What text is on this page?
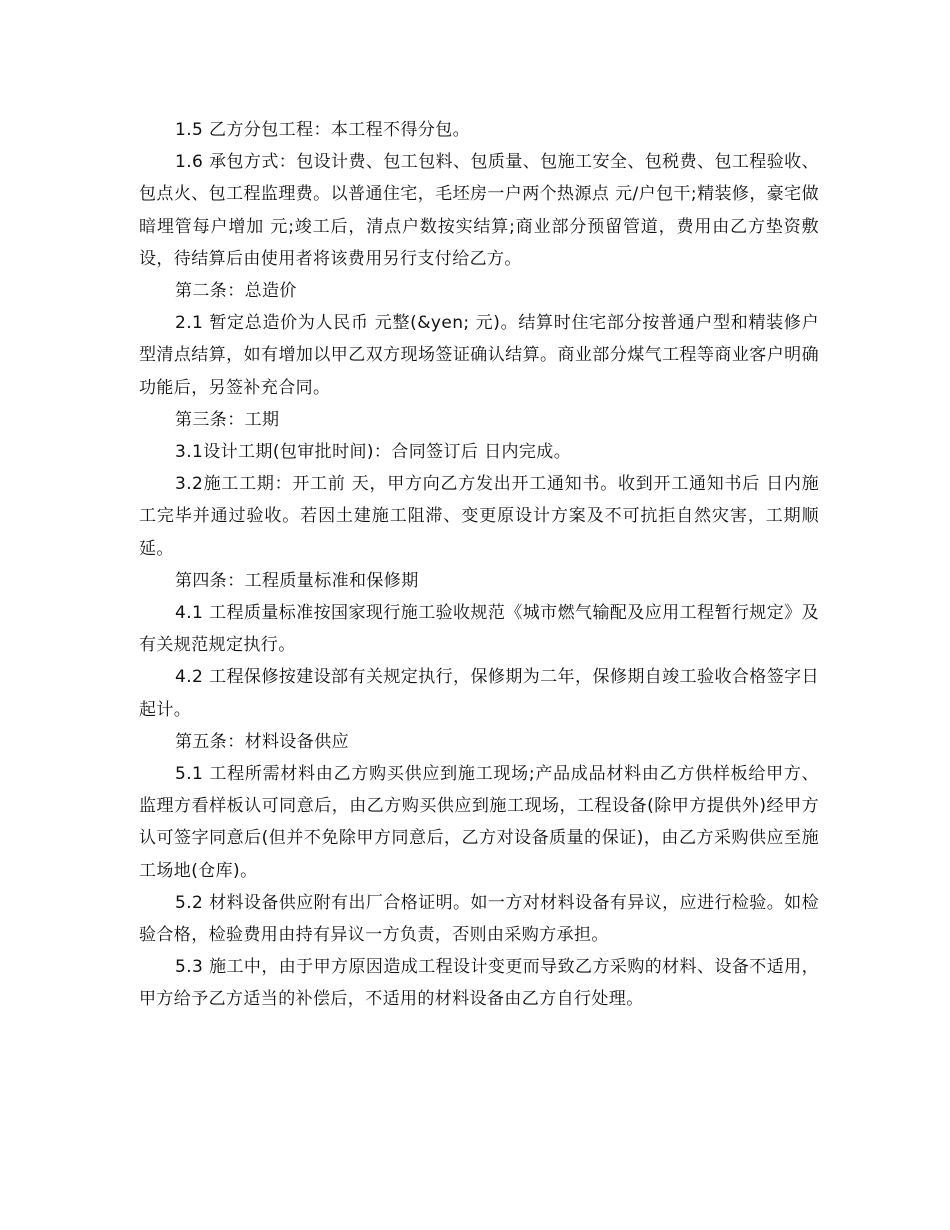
1.5 乙方分包工程：本工程不得分包。

1.6 承包方式：包设计费、包工包料、包质量、包施工安全、包税费、包工程验收、包点火、包工程监理费。以普通住宅，毛坯房一户两个热源点 元/户包干;精装修，豪宅做暗埋管每户增加 元;竣工后，清点户数按实结算;商业部分预留管道，费用由乙方垫资敷设，待结算后由使用者将该费用另行支付给乙方。

第二条：总造价

2.1 暂定总造价为人民币 元整(&yen; 元)。结算时住宅部分按普通户型和精装修户型清点结算，如有增加以甲乙双方现场签证确认结算。商业部分煤气工程等商业客户明确功能后，另签补充合同。

第三条：工期

3.1设计工期(包审批时间)：合同签订后 日内完成。

3.2施工工期：开工前 天，甲方向乙方发出开工通知书。收到开工通知书后 日内施工完毕并通过验收。若因土建施工阻滞、变更原设计方案及不可抗拒自然灾害，工期顺延。

第四条：工程质量标准和保修期

4.1 工程质量标准按国家现行施工验收规范《城市燃气输配及应用工程暂行规定》及有关规范规定执行。

4.2 工程保修按建设部有关规定执行，保修期为二年，保修期自竣工验收合格签字日起计。

第五条：材料设备供应

5.1 工程所需材料由乙方购买供应到施工现场;产品成品材料由乙方供样板给甲方、监理方看样板认可同意后，由乙方购买供应到施工现场，工程设备(除甲方提供外)经甲方认可签字同意后(但并不免除甲方同意后，乙方对设备质量的保证)，由乙方采购供应至施工场地(仓库)。

5.2 材料设备供应附有出厂合格证明。如一方对材料设备有异议，应进行检验。如检验合格，检验费用由持有异议一方负责，否则由采购方承担。

5.3 施工中，由于甲方原因造成工程设计变更而导致乙方采购的材料、设备不适用，甲方给予乙方适当的补偿后，不适用的材料设备由乙方自行处理。
